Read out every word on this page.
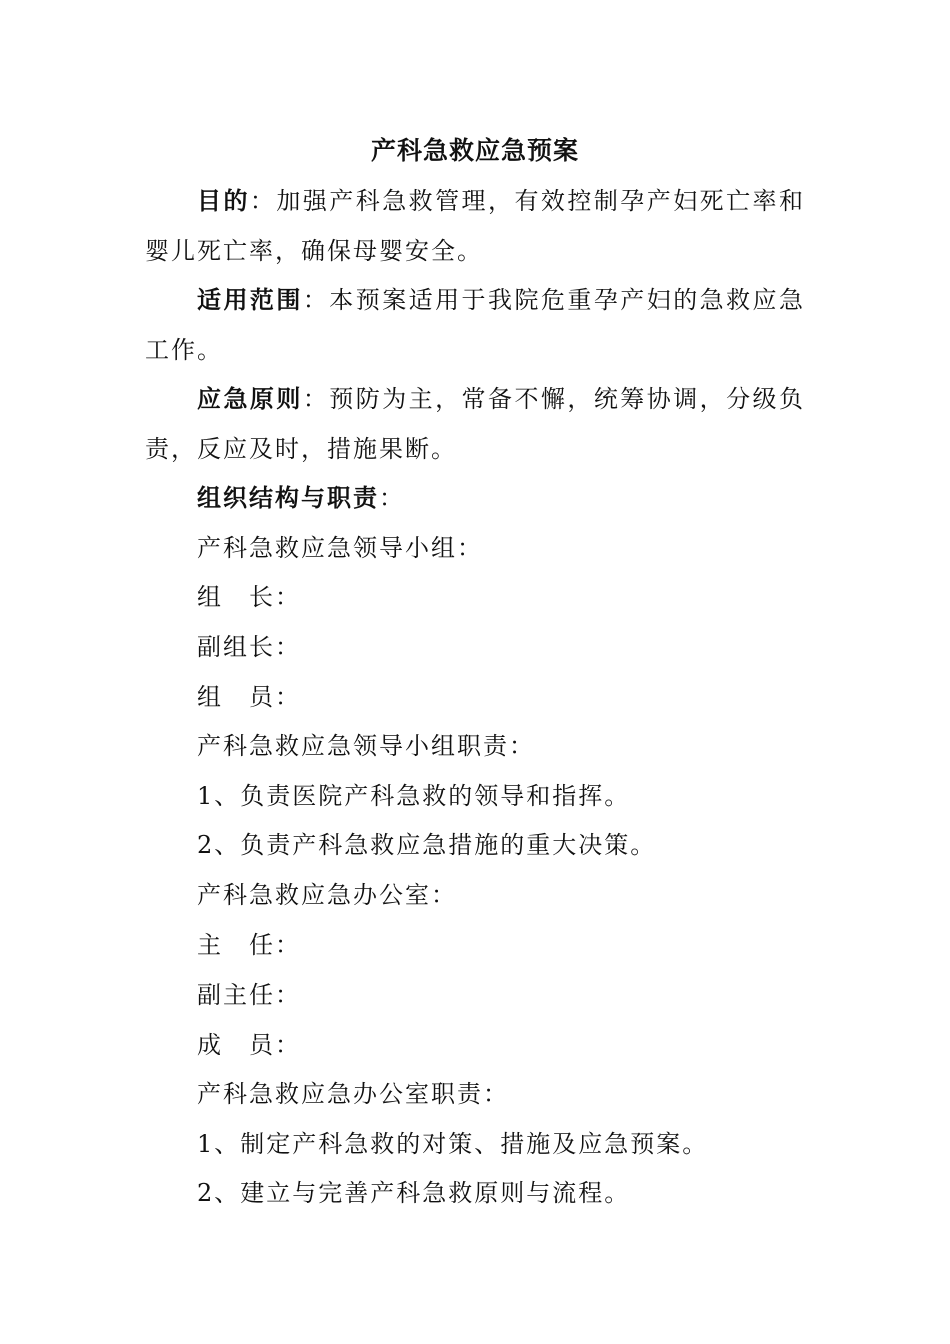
产科急救应急预案
目的：加强产科急救管理，有效控制孕产妇死亡率和婴儿死亡率，确保母婴安全。
适用范围：本预案适用于我院危重孕产妇的急救应急工作。
应急原则：预防为主，常备不懈，统筹协调，分级负责，反应及时，措施果断。
组织结构与职责：
产科急救应急领导小组：
组　长：
副组长：
组　员：
产科急救应急领导小组职责：
1、负责医院产科急救的领导和指挥。
2、负责产科急救应急措施的重大决策。
产科急救应急办公室：
主　任：
副主任：
成　员：
产科急救应急办公室职责：
1、制定产科急救的对策、措施及应急预案。
2、建立与完善产科急救原则与流程。
